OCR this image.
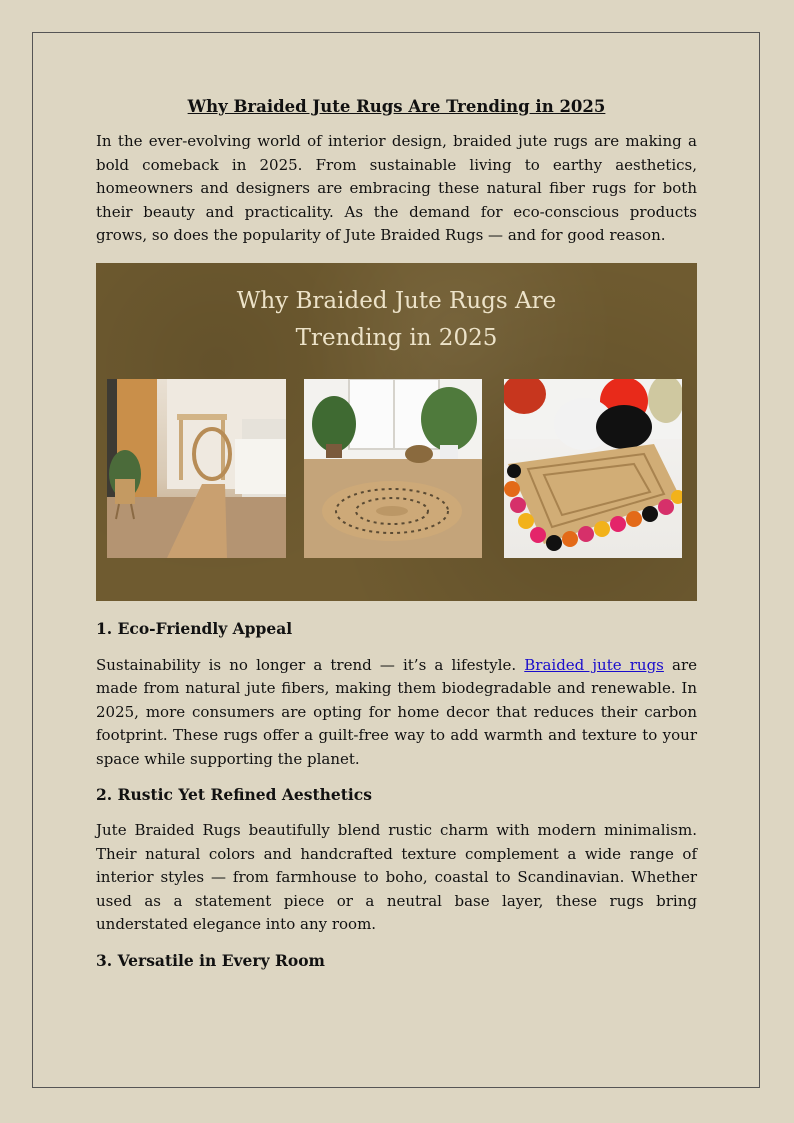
Why Braided Jute Rugs Are Trending in 2025

In the ever-evolving world of interior design, braided jute rugs are making a bold comeback in 2025. From sustainable living to earthy aesthetics, homeowners and designers are embracing these natural fiber rugs for both their beauty and practicality. As the demand for eco-conscious products grows, so does the popularity of Jute Braided Rugs — and for good reason.

Why Braided Jute Rugs Are
Trending in 2025
1. Eco-Friendly Appeal

Sustainability is no longer a trend — it’s a lifestyle. Braided jute rugs are made from natural jute fibers, making them biodegradable and renewable. In 2025, more consumers are opting for home decor that reduces their carbon footprint. These rugs offer a guilt-free way to add warmth and texture to your space while supporting the planet.

2. Rustic Yet Refined Aesthetics

Jute Braided Rugs beautifully blend rustic charm with modern minimalism. Their natural colors and handcrafted texture complement a wide range of interior styles — from farmhouse to boho, coastal to Scandinavian. Whether used as a statement piece or a neutral base layer, these rugs bring understated elegance into any room.

3. Versatile in Every Room
